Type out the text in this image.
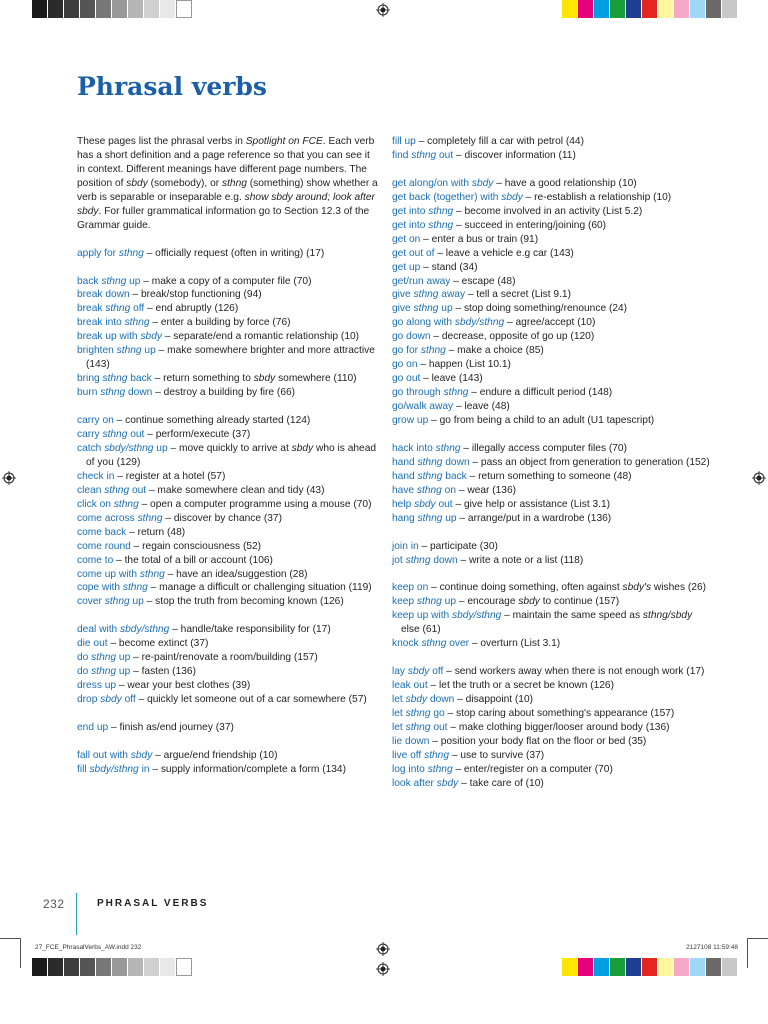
Phrasal verbs

These pages list the phrasal verbs in Spotlight on FCE. Each verb has a short definition and a page reference so that you can see it in context. Different meanings have different page numbers. The position of sbdy (somebody), or sthng (something) show whether a verb is separable or inseparable e.g. show sbdy around; look after sbdy. For fuller grammatical information go to Section 12.3 of the Grammar guide.

apply for sthng – officially request (often in writing) (17)

back sthng up – make a copy of a computer file (70)

break down – break/stop functioning (94)

break sthng off – end abruptly (126)

break into sthng – enter a building by force (76)

break up with sbdy – separate/end a romantic relationship (10)

brighten sthng up – make somewhere brighter and more attractive (143)

bring sthng back – return something to sbdy somewhere (110)

burn sthng down – destroy a building by fire (66)

carry on – continue something already started (124)

carry sthng out – perform/execute (37)

catch sbdy/sthng up – move quickly to arrive at sbdy who is ahead of you (129)

check in – register at a hotel (57)

clean sthng out – make somewhere clean and tidy (43)

click on sthng – open a computer programme using a mouse (70)

come across sthng – discover by chance (37)

come back – return (48)

come round – regain consciousness (52)

come to – the total of a bill or account (106)

come up with sthng – have an idea/suggestion (28)

cope with sthng – manage a difficult or challenging situation (119)

cover sthng up – stop the truth from becoming known (126)

deal with sbdy/sthng – handle/take responsibility for (17)

die out – become extinct (37)

do sthng up – re-paint/renovate a room/building (157)

do sthng up – fasten (136)

dress up – wear your best clothes (39)

drop sbdy off – quickly let someone out of a car somewhere (57)

end up – finish as/end journey (37)

fall out with sbdy – argue/end friendship (10)

fill sbdy/sthng in – supply information/complete a form (134)

fill up – completely fill a car with petrol (44)

find sthng out – discover information (11)

get along/on with sbdy – have a good relationship (10)

get back (together) with sbdy – re-establish a relationship (10)

get into sthng – become involved in an activity (List 5.2)

get into sthng – succeed in entering/joining (60)

get on – enter a bus or train (91)

get out of – leave a vehicle e.g car (143)

get up – stand (34)

get/run away – escape (48)

give sthng away – tell a secret (List 9.1)

give sthng up – stop doing something/renounce (24)

go along with sbdy/sthng – agree/accept (10)

go down – decrease, opposite of go up (120)

go for sthng – make a choice (85)

go on – happen (List 10.1)

go out – leave (143)

go through sthng – endure a difficult period (148)

go/walk away – leave (48)

grow up – go from being a child to an adult (U1 tapescript)

hack into sthng – illegally access computer files (70)

hand sthng down – pass an object from generation to generation (152)

hand sthng back – return something to someone (48)

have sthng on – wear (136)

help sbdy out – give help or assistance (List 3.1)

hang sthng up – arrange/put in a wardrobe (136)

join in – participate (30)

jot sthng down – write a note or a list (118)

keep on – continue doing something, often against sbdy's wishes (26)

keep sthng up – encourage sbdy to continue (157)

keep up with sbdy/sthng – maintain the same speed as sthng/sbdy else (61)

knock sthng over – overturn (List 3.1)

lay sbdy off – send workers away when there is not enough work (17)

leak out – let the truth or a secret be known (126)

let sbdy down – disappoint (10)

let sthng go – stop caring about something's appearance (157)

let sthng out – make clothing bigger/looser around body (136)

lie down – position your body flat on the floor or bed (35)

live off sthng – use to survive (37)

log into sthng – enter/register on a computer (70)

look after sbdy – take care of (10)

232	PHRASAL VERBS
27_FCE_PhrasalVerbs_AW.indd 232	2127108 11:59:48
